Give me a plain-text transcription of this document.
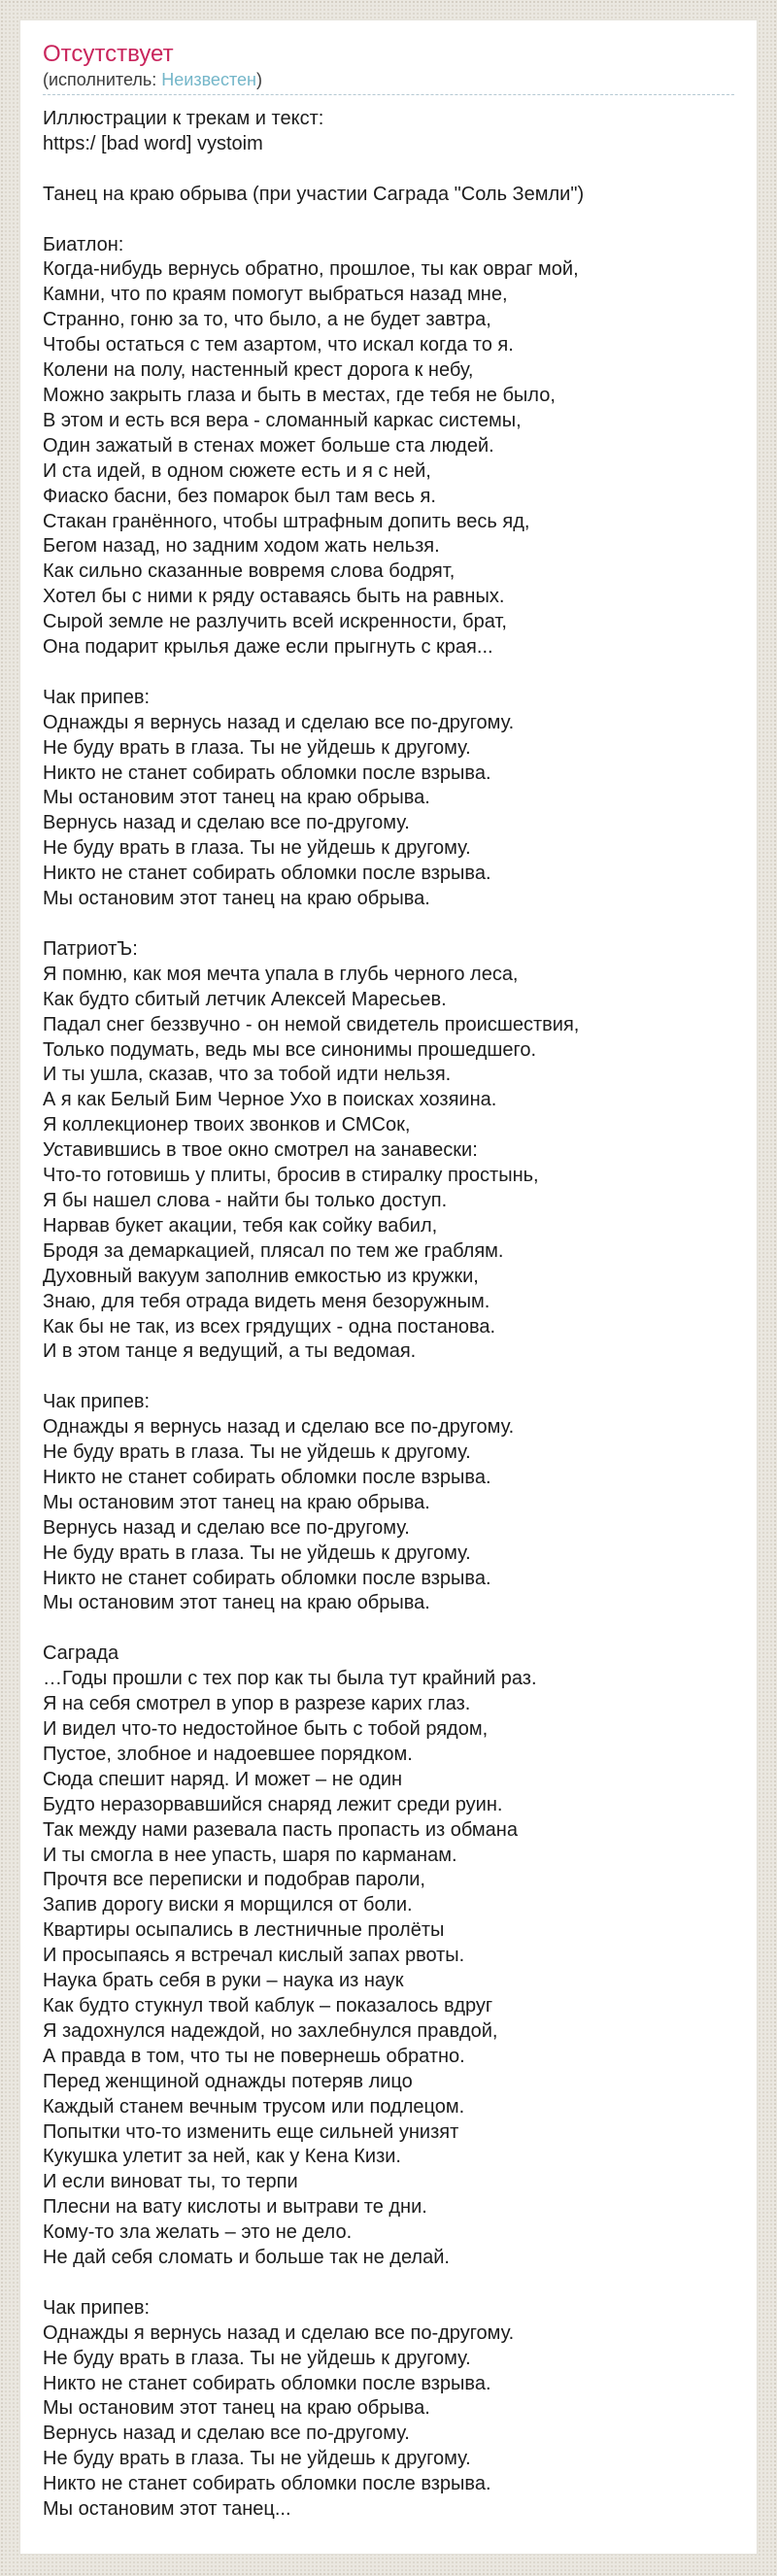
Отсутствует
(исполнитель: Неизвестен)
Иллюстрации к трекам и текст:
https:/ [bad word] vystoim

Танец на краю обрыва (при участии Саграда "Соль Земли")

Биатлон:
Когда-нибудь вернусь обратно, прошлое, ты как овраг мой,
Камни, что по краям помогут выбраться назад мне,
Странно, гоню за то, что было, а не будет завтра,
Чтобы остаться с тем азартом, что искал когда то я.
Колени на полу, настенный крест дорога к небу,
Можно закрыть глаза и быть в местах, где тебя не было,
В этом и есть вся вера - сломанный каркас системы,
Один зажатый в стенах может больше ста людей.
И ста идей, в одном сюжете есть и я с ней,
Фиаско басни, без помарок был там весь я.
Стакан гранённого, чтобы штрафным допить весь яд,
Бегом назад, но задним ходом жать нельзя.
Как сильно сказанные вовремя слова бодрят,
Хотел бы с ними к ряду оставаясь быть на равных.
Сырой земле не разлучить всей искренности, брат,
Она подарит крылья даже если прыгнуть с края...

Чак припев:
Однажды я вернусь назад и сделаю все по-другому.
Не буду врать в глаза. Ты не уйдешь к другому.
Никто не станет собирать обломки после взрыва.
Мы остановим этот танец на краю обрыва.
Вернусь назад и сделаю все по-другому.
Не буду врать в глаза. Ты не уйдешь к другому.
Никто не станет собирать обломки после взрыва.
Мы остановим этот танец на краю обрыва.

ПатриотЪ:
Я помню, как моя мечта упала в глубь черного леса,
Как будто сбитый летчик Алексей Маресьев.
Падал снег беззвучно - он немой свидетель происшествия,
Только подумать, ведь мы все синонимы прошедшего.
И ты ушла, сказав, что за тобой идти нельзя.
А я как Белый Бим Черное Ухо в поисках хозяина.
Я коллекционер твоих звонков и СМСок,
Уставившись в твое окно смотрел на занавески:
Что-то готовишь у плиты, бросив в стиралку простынь,
Я бы нашел слова - найти бы только доступ.
Нарвав букет акации, тебя как сойку вабил,
Бродя за демаркацией, плясал по тем же граблям.
Духовный вакуум заполнив емкостью из кружки,
Знаю, для тебя отрада видеть меня безоружным.
Как бы не так, из всех грядущих - одна постанова.
И в этом танце я ведущий, а ты ведомая.

Чак припев:
Однажды я вернусь назад и сделаю все по-другому.
Не буду врать в глаза. Ты не уйдешь к другому.
Никто не станет собирать обломки после взрыва.
Мы остановим этот танец на краю обрыва.
Вернусь назад и сделаю все по-другому.
Не буду врать в глаза. Ты не уйдешь к другому.
Никто не станет собирать обломки после взрыва.
Мы остановим этот танец на краю обрыва.

Саграда
…Годы прошли с тех пор как ты была тут крайний раз.
Я на себя смотрел в упор в разрезе карих глаз.
И видел что-то недостойное быть с тобой рядом,
Пустое, злобное и надоевшее порядком.
Сюда спешит наряд. И может – не один
Будто неразорвавшийся снаряд лежит среди руин.
Так между нами разевала пасть пропасть из обмана
И ты смогла в нее упасть, шаря по карманам.
Прочтя все переписки и подобрав пароли,
Запив дорогу виски я морщился от боли.
Квартиры осыпались в лестничные пролёты
И просыпаясь я встречал кислый запах рвоты.
Наука брать себя в руки – наука из наук
Как будто стукнул твой каблук – показалось вдруг
Я задохнулся надеждой, но захлебнулся правдой,
А правда в том, что ты не повернешь обратно.
Перед женщиной однажды потеряв лицо
Каждый станем вечным трусом или подлецом.
Попытки что-то изменить еще сильней унизят
Кукушка улетит за ней, как у Кена Кизи.
И если виноват ты, то терпи
Плесни на вату кислоты и вытрави те дни.
Кому-то зла желать – это не дело.
Не дай себя сломать и больше так не делай.

Чак припев:
Однажды я вернусь назад и сделаю все по-другому.
Не буду врать в глаза. Ты не уйдешь к другому.
Никто не станет собирать обломки после взрыва.
Мы остановим этот танец на краю обрыва.
Вернусь назад и сделаю все по-другому.
Не буду врать в глаза. Ты не уйдешь к другому.
Никто не станет собирать обломки после взрыва.
Мы остановим этот танец...
